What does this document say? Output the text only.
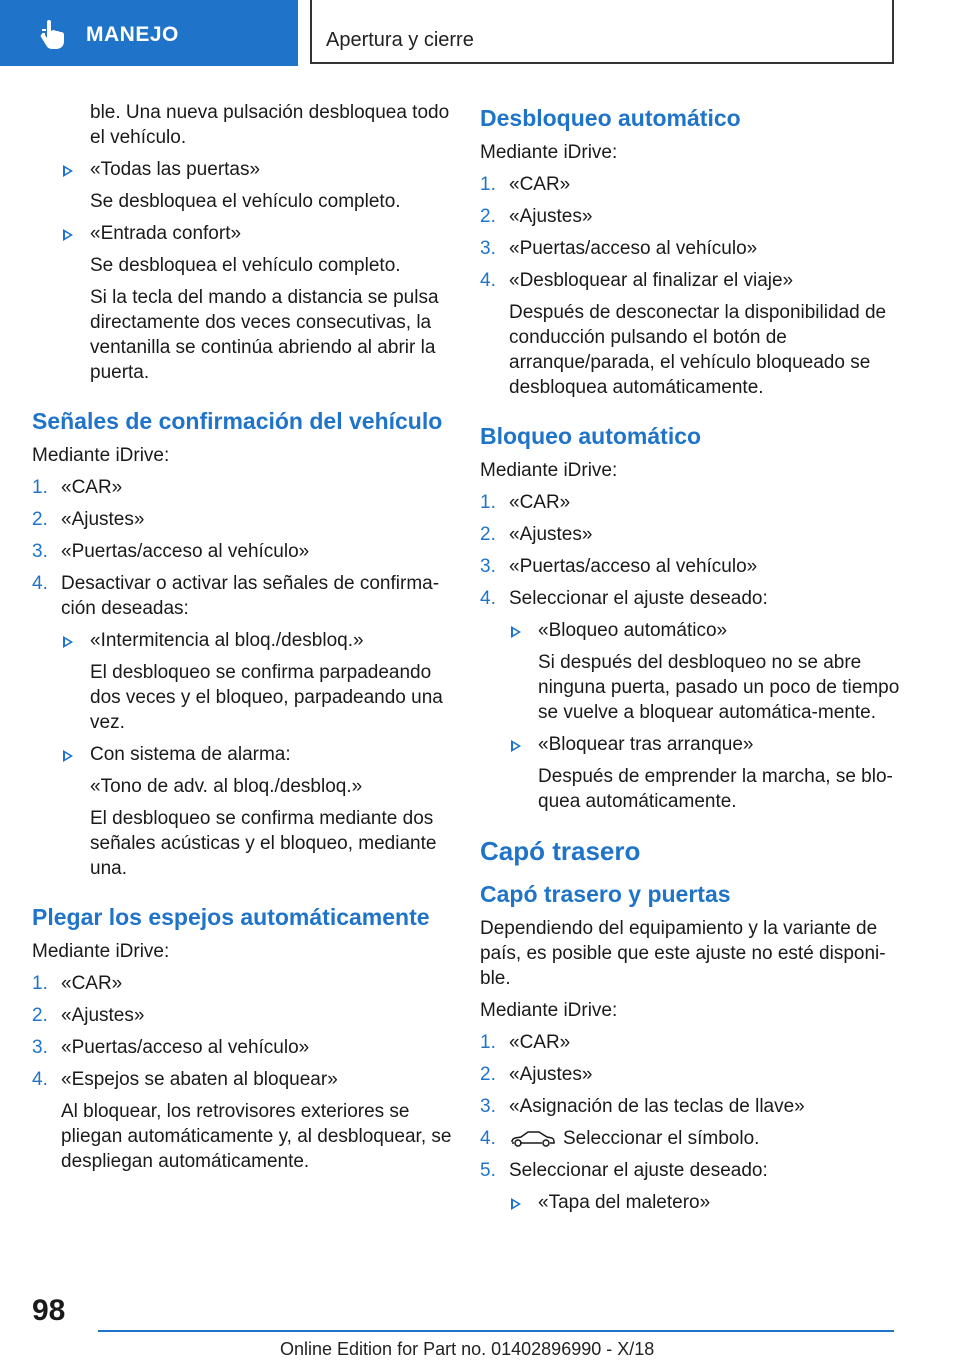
MANEJO	Apertura y cierre

ble. Una nueva pulsación desbloquea todo el vehículo.

«Todas las puertas»

Se desbloquea el vehículo completo.

«Entrada confort»

Se desbloquea el vehículo completo.

Si la tecla del mando a distancia se pulsa directamente dos veces consecutivas, la ventanilla se continúa abriendo al abrir la puerta.

Señales de confirmación del vehículo

Mediante iDrive:

1. «CAR»
2. «Ajustes»
3. «Puertas/acceso al vehículo»
4. Desactivar o activar las señales de confirma‐ción deseadas:

«Intermitencia al bloq./desbloq.»

El desbloqueo se confirma parpadeando dos veces y el bloqueo, parpadeando una vez.

Con sistema de alarma:

«Tono de adv. al bloq./desbloq.»

El desbloqueo se confirma mediante dos señales acústicas y el bloqueo, mediante una.

Plegar los espejos automáticamente

Mediante iDrive:

1. «CAR»
2. «Ajustes»
3. «Puertas/acceso al vehículo»
4. «Espejos se abaten al bloquear»

Al bloquear, los retrovisores exteriores se pliegan automáticamente y, al desbloquear, se despliegan automáticamente.

Desbloqueo automático

Mediante iDrive:

1. «CAR»
2. «Ajustes»
3. «Puertas/acceso al vehículo»
4. «Desbloquear al finalizar el viaje»

Después de desconectar la disponibilidad de conducción pulsando el botón de arranque/parada, el vehículo bloqueado se desbloquea automáticamente.

Bloqueo automático

Mediante iDrive:

1. «CAR»
2. «Ajustes»
3. «Puertas/acceso al vehículo»
4. Seleccionar el ajuste deseado:

«Bloqueo automático»

Si después del desbloqueo no se abre ninguna puerta, pasado un poco de tiempo se vuelve a bloquear automática‐mente.

«Bloquear tras arranque»

Después de emprender la marcha, se blo‐quea automáticamente.

Capó trasero
Capó trasero y puertas

Dependiendo del equipamiento y la variante de país, es posible que este ajuste no esté disponi‐ble.

Mediante iDrive:

1. «CAR»
2. «Ajustes»
3. «Asignación de las teclas de llave»
4.	Seleccionar el símbolo.
5. Seleccionar el ajuste deseado:

«Tapa del maletero»

98
Online Edition for Part no. 01402896990 - X/18
